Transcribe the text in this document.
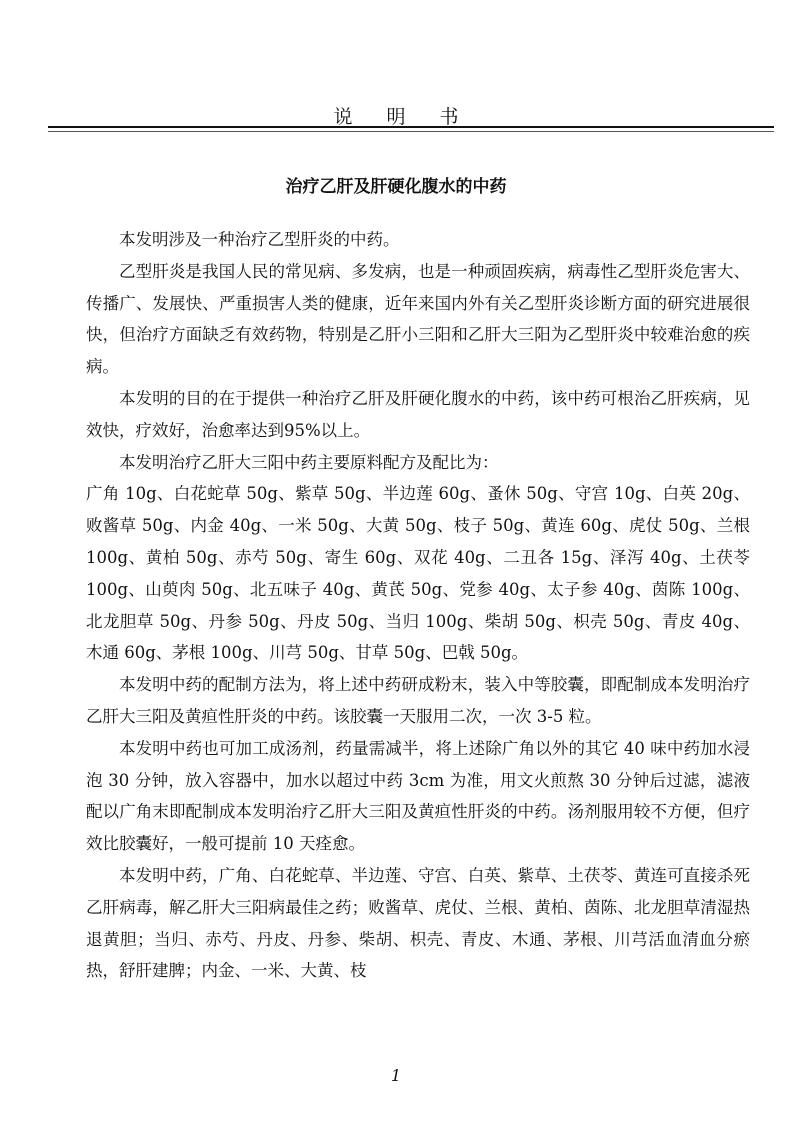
说明书
治疗乙肝及肝硬化腹水的中药

本发明涉及一种治疗乙型肝炎的中药。

乙型肝炎是我国人民的常见病、多发病，也是一种顽固疾病，病毒性乙型肝炎危害大、传播广、发展快、严重损害人类的健康，近年来国内外有关乙型肝炎诊断方面的研究进展很快，但治疗方面缺乏有效药物，特别是乙肝小三阳和乙肝大三阳为乙型肝炎中较难治愈的疾病。

本发明的目的在于提供一种治疗乙肝及肝硬化腹水的中药，该中药可根治乙肝疾病，见效快，疗效好，治愈率达到95%以上。

本发明治疗乙肝大三阳中药主要原料配方及配比为：

广角 10g、白花蛇草 50g、紫草 50g、半边莲 60g、蚤休 50g、守宫 10g、白英 20g、败酱草 50g、内金 40g、一米 50g、大黄 50g、枝子 50g、黄连 60g、虎仗 50g、兰根 100g、黄柏 50g、赤芍 50g、寄生 60g、双花 40g、二丑各 15g、泽泻 40g、土茯苓 100g、山萸肉 50g、北五味子 40g、黄芪 50g、党参 40g、太子参 40g、茵陈 100g、北龙胆草 50g、丹参 50g、丹皮 50g、当归 100g、柴胡 50g、枳壳 50g、青皮 40g、木通 60g、茅根 100g、川芎 50g、甘草 50g、巴戟 50g。

本发明中药的配制方法为，将上述中药研成粉末，装入中等胶囊，即配制成本发明治疗乙肝大三阳及黄疸性肝炎的中药。该胶囊一天服用二次，一次 3-5 粒。

本发明中药也可加工成汤剂，药量需减半，将上述除广角以外的其它 40 味中药加水浸泡 30 分钟，放入容器中，加水以超过中药 3cm 为准，用文火煎熬 30 分钟后过滤，滤液配以广角末即配制成本发明治疗乙肝大三阳及黄疸性肝炎的中药。汤剂服用较不方便，但疗效比胶囊好，一般可提前 10 天痊愈。

本发明中药，广角、白花蛇草、半边莲、守宫、白英、紫草、土茯苓、黄连可直接杀死乙肝病毒，解乙肝大三阳病最佳之药；败酱草、虎仗、兰根、黄柏、茵陈、北龙胆草清湿热退黄胆；当归、赤芍、丹皮、丹参、柴胡、枳壳、青皮、木通、茅根、川芎活血清血分瘀热，舒肝建脾；内金、一米、大黄、枝

1
